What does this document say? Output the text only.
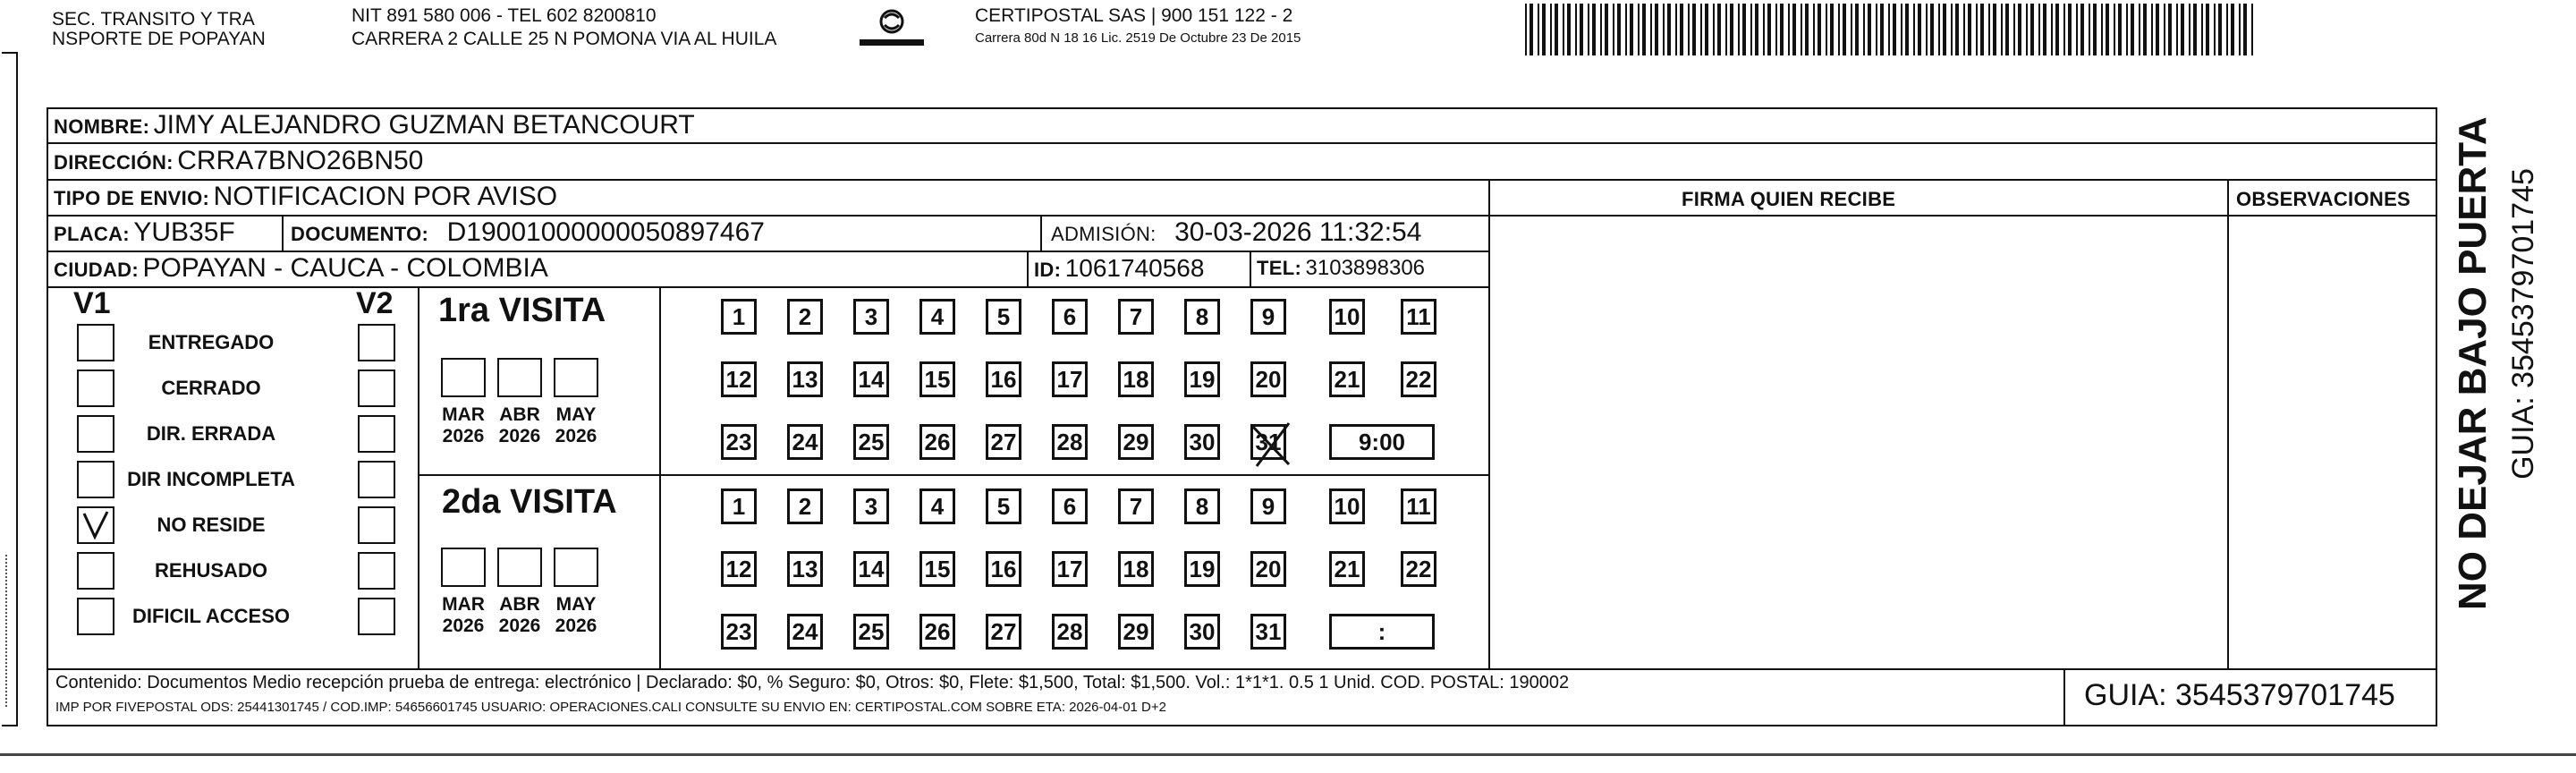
SEC. TRANSITO Y TRA
NSPORTE DE POPAYAN
NIT 891 580 006 - TEL 602 8200810
CARRERA 2 CALLE 25 N POMONA VIA AL HUILA
CERTIPOSTAL SAS | 900 151 122 - 2
Carrera 80d N 18 16 Lic. 2519 De Octubre 23 De 2015
NOMBRE: JIMY ALEJANDRO GUZMAN BETANCOURT
DIRECCIÓN: CRRA7BNO26BN50
TIPO DE ENVIO: NOTIFICACION POR AVISO	FIRMA QUIEN RECIBE	OBSERVACIONES
PLACA: YUB35F	DOCUMENTO: D19001000000050897467	ADMISIÓN: 30-03-2026 11:32:54
CIUDAD: POPAYAN - CAUCA - COLOMBIA	ID: 1061740568	TEL: 3103898306
V1	V2
ENTREGADO
CERRADO
DIR. ERRADA
DIR INCOMPLETA
NO RESIDE
REHUSADO
DIFICIL ACCESO
1ra VISITA
MAR
2026
ABR
2026
MAY
2026
1	2	3	4	5	6	7	8	9	10 11
12 13 14 15 16 17 18 19 20 21 22
23 24 25 26 27 28 29 30 31	9:00
2da VISITA
MAR
2026
ABR
2026
MAY
2026
1	2	3	4	5	6	7	8	9	10 11
12 13 14 15 16 17 18 19 20 21 22
23 24 25 26 27 28 29 30 31	:
Contenido: Documentos Medio recepción prueba de entrega: electrónico | Declarado: $0, % Seguro: $0, Otros: $0, Flete: $1,500, Total: $1,500. Vol.: 1*1*1. 0.5 1 Unid. COD. POSTAL: 190002
IMP POR FIVEPOSTAL ODS: 25441301745 / COD.IMP: 54656601745 USUARIO: OPERACIONES.CALI CONSULTE SU ENVIO EN: CERTIPOSTAL.COM SOBRE ETA: 2026-04-01 D+2	GUIA: 3545379701745
NO DEJAR BAJO PUERTA GUIA: 3545379701745
